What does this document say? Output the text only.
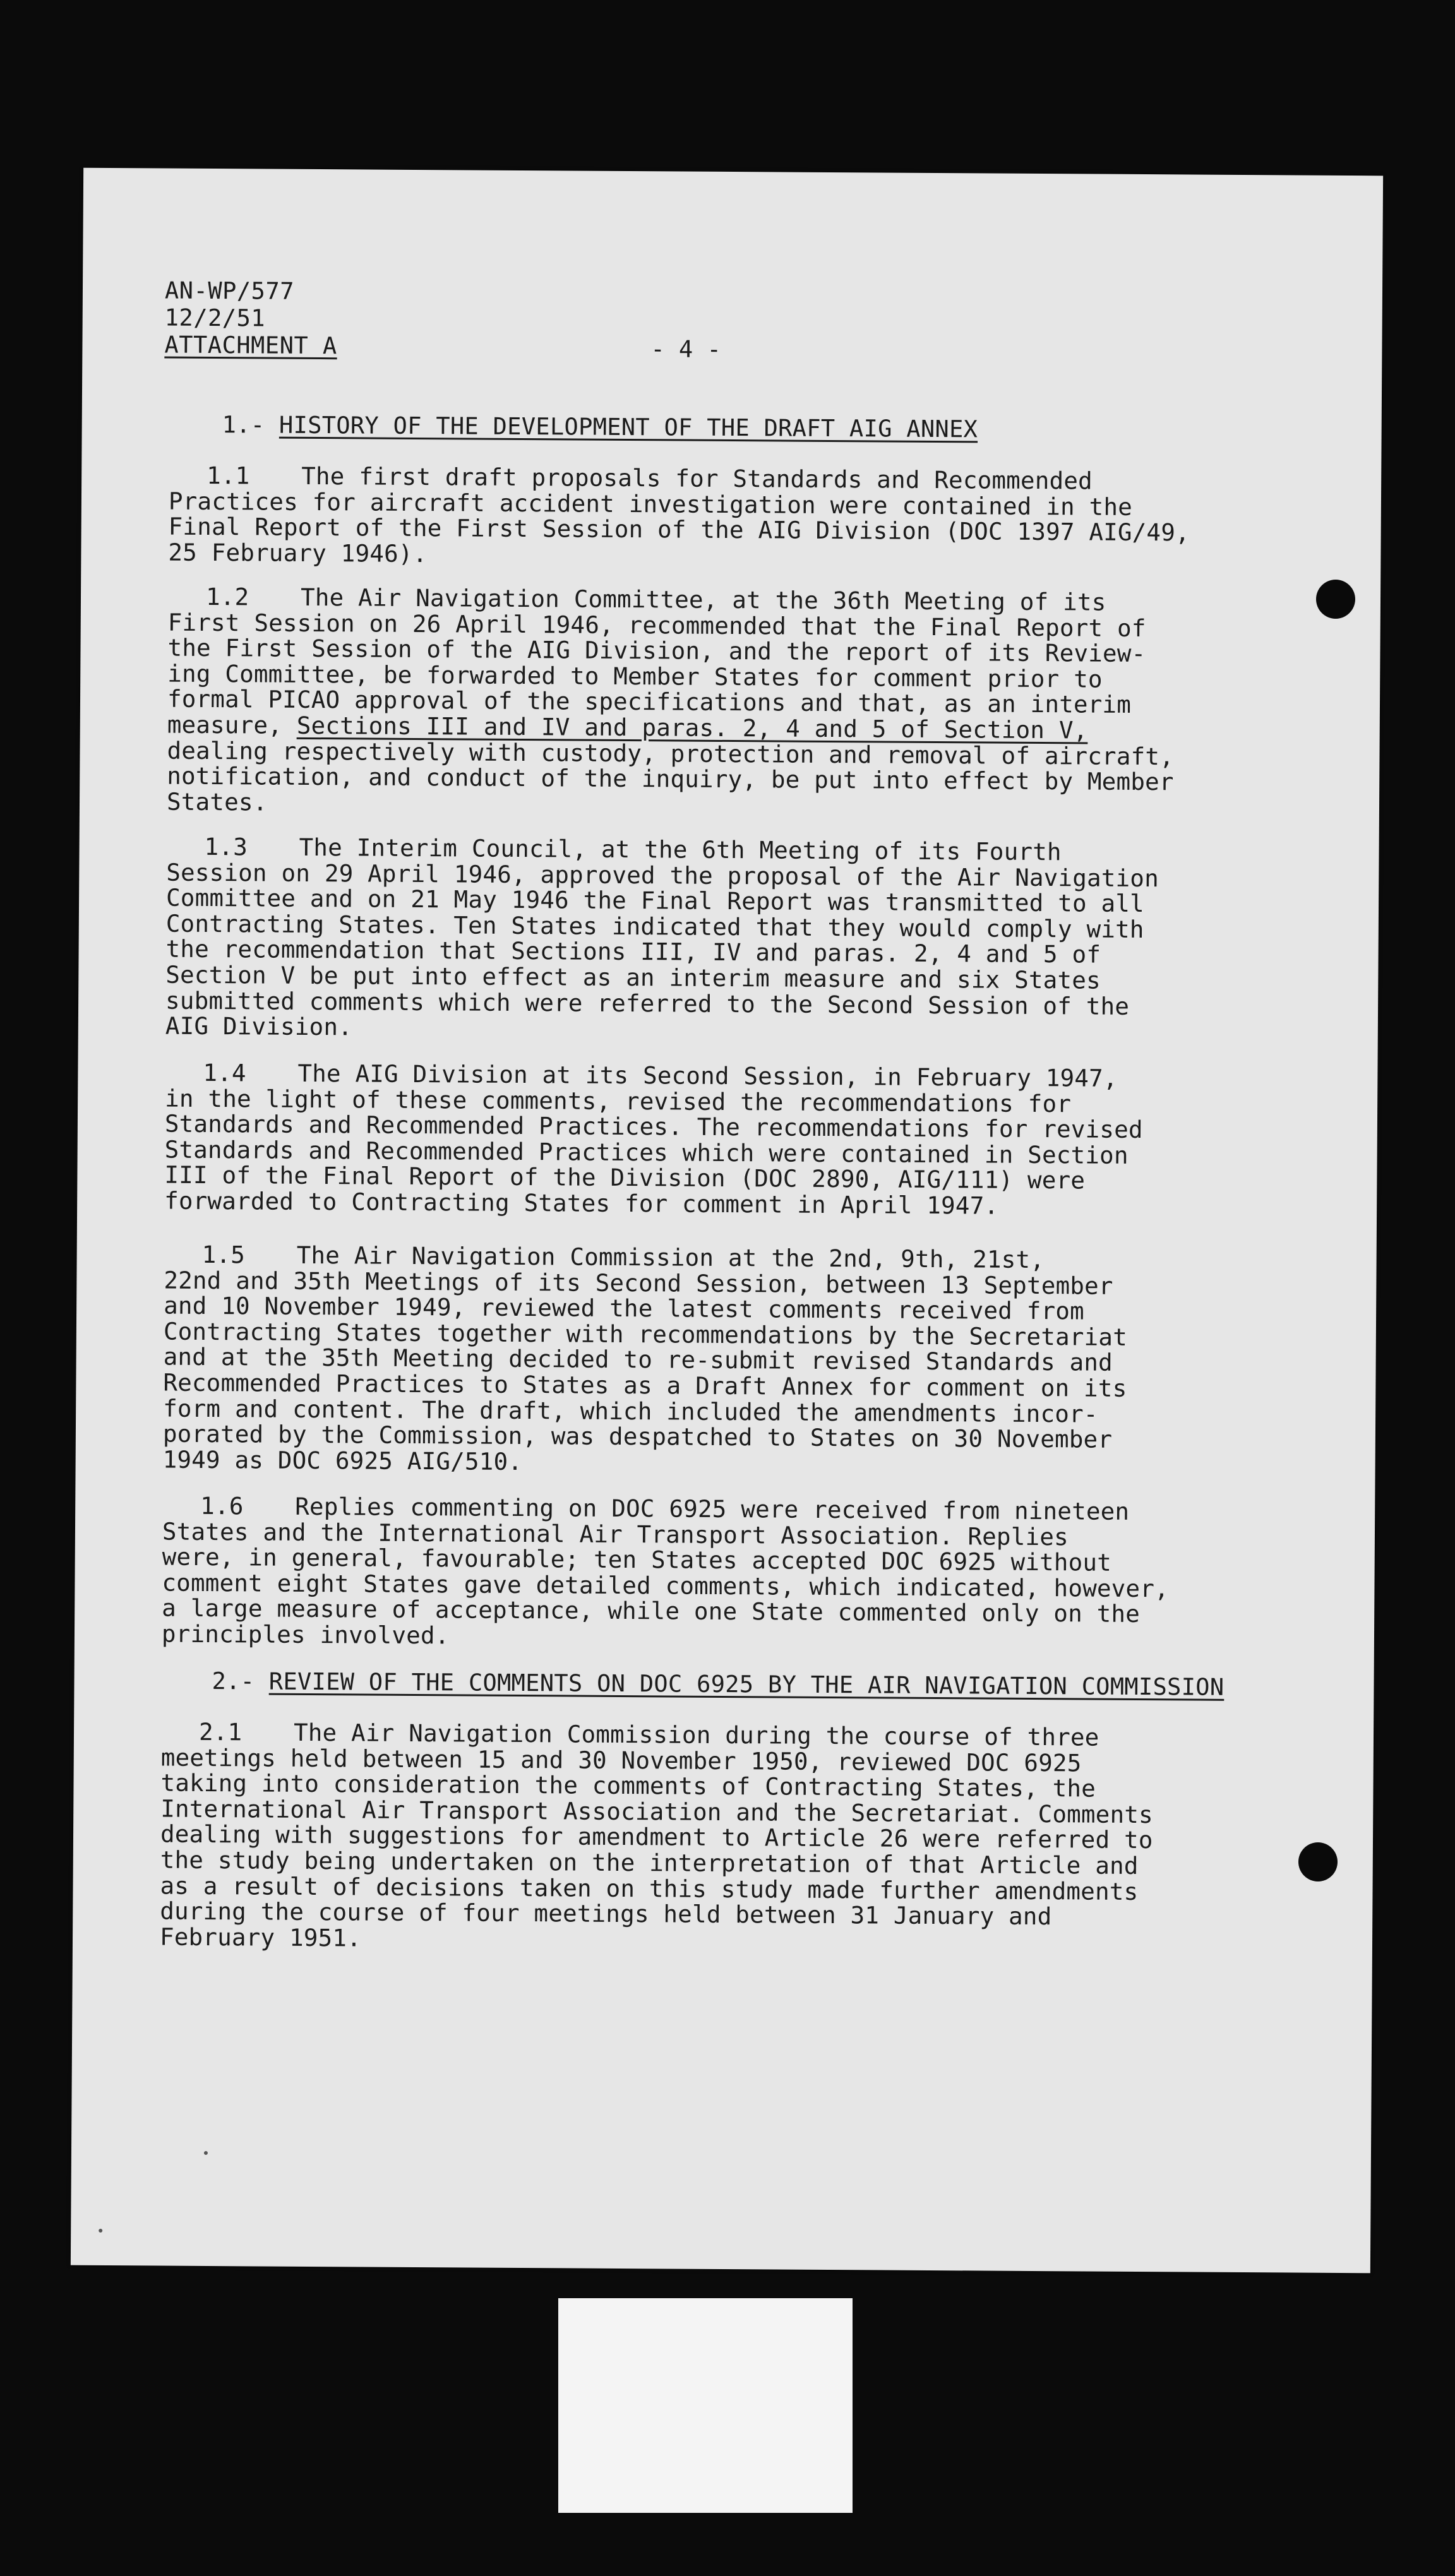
AN-WP/577
12/2/51
ATTACHMENT A	- 4 -
1.- HISTORY OF THE DEVELOPMENT OF THE DRAFT AIG ANNEX
1.1 The first draft proposals for Standards and Recommended
Practices for aircraft accident investigation were contained in the
Final Report of the First Session of the AIG Division (DOC 1397 AIG/49,
25 February 1946).
1.2 The Air Navigation Committee, at the 36th Meeting of its
First Session on 26 April 1946, recommended that the Final Report of
the First Session of the AIG Division, and the report of its Review-
ing Committee, be forwarded to Member States for comment prior to
formal PICAO approval of the specifications and that, as an interim
measure, Sections III and IV and paras. 2, 4 and 5 of Section V,
dealing respectively with custody, protection and removal of aircraft,
notification, and conduct of the inquiry, be put into effect by Member
States.
1.3 The Interim Council, at the 6th Meeting of its Fourth
Session on 29 April 1946, approved the proposal of the Air Navigation
Committee and on 21 May 1946 the Final Report was transmitted to all
Contracting States. Ten States indicated that they would comply with
the recommendation that Sections III, IV and paras. 2, 4 and 5 of
Section V be put into effect as an interim measure and six States
submitted comments which were referred to the Second Session of the
AIG Division.
1.4 The AIG Division at its Second Session, in February 1947,
in the light of these comments, revised the recommendations for
Standards and Recommended Practices. The recommendations for revised
Standards and Recommended Practices which were contained in Section
III of the Final Report of the Division (DOC 2890, AIG/111) were
forwarded to Contracting States for comment in April 1947.
1.5 The Air Navigation Commission at the 2nd, 9th, 21st,
22nd and 35th Meetings of its Second Session, between 13 September
and 10 November 1949, reviewed the latest comments received from
Contracting States together with recommendations by the Secretariat
and at the 35th Meeting decided to re-submit revised Standards and
Recommended Practices to States as a Draft Annex for comment on its
form and content. The draft, which included the amendments incor-
porated by the Commission, was despatched to States on 30 November
1949 as DOC 6925 AIG/510.
1.6 Replies commenting on DOC 6925 were received from nineteen
States and the International Air Transport Association. Replies
were, in general, favourable; ten States accepted DOC 6925 without
comment eight States gave detailed comments, which indicated, however,
a large measure of acceptance, while one State commented only on the
principles involved.
2.- REVIEW OF THE COMMENTS ON DOC 6925 BY THE AIR NAVIGATION COMMISSION
2.1 The Air Navigation Commission during the course of three
meetings held between 15 and 30 November 1950, reviewed DOC 6925
taking into consideration the comments of Contracting States, the
International Air Transport Association and the Secretariat. Comments
dealing with suggestions for amendment to Article 26 were referred to
the study being undertaken on the interpretation of that Article and
as a result of decisions taken on this study made further amendments
during the course of four meetings held between 31 January and
February 1951.
